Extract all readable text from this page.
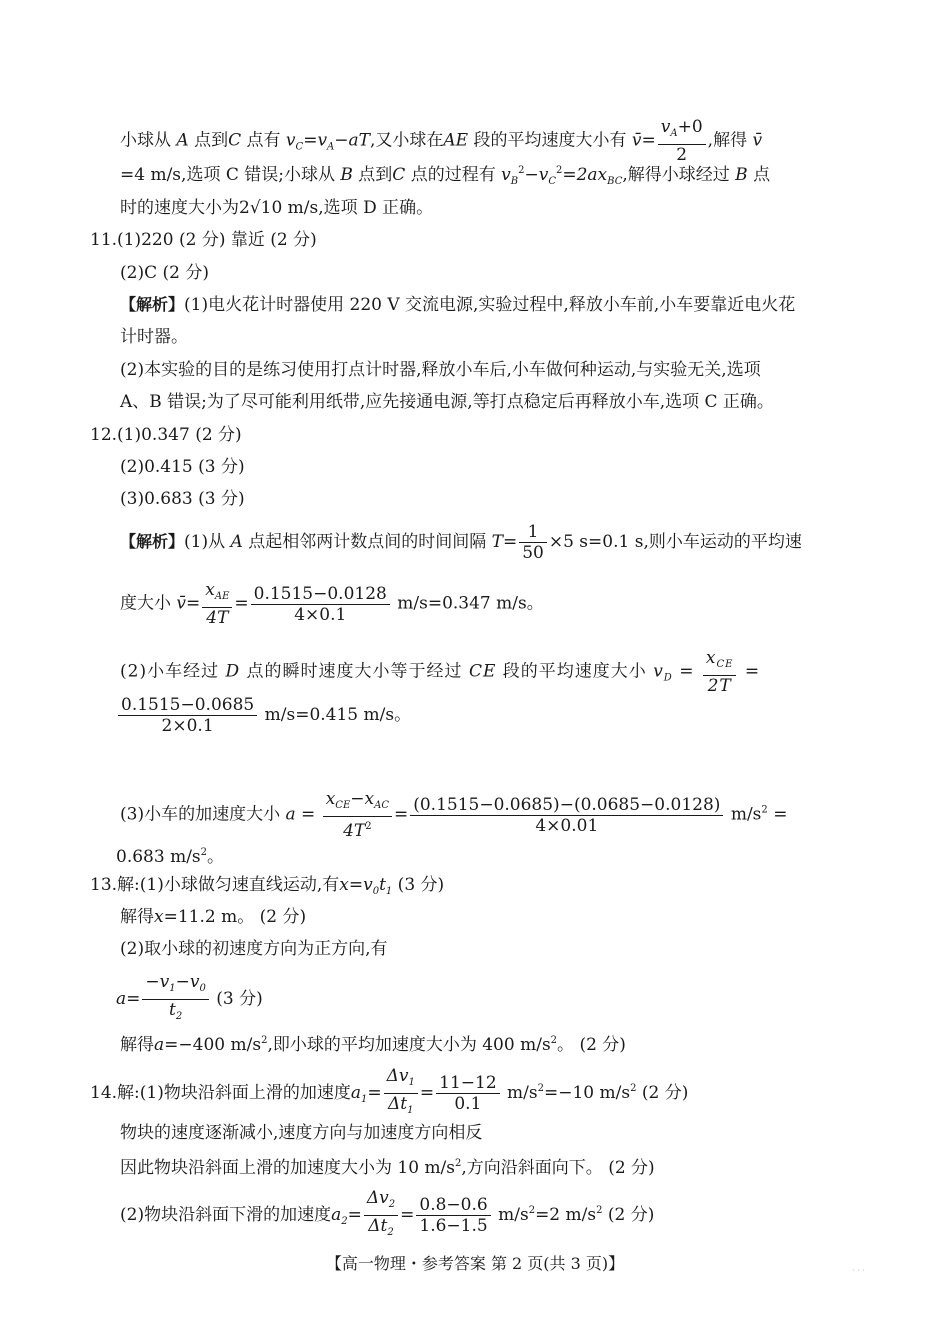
小球从 A 点到C 点有 $v_C=v_A-aT$,又小球在AE 段的平均速度大小有 v̄= $\frac{v_A+0}{2}$ ,解得 v̄
=4 m/s,选项 C 错误;小球从 B 点到C 点的过程有 $v_B^2-v_C^2=2ax_{BC}$,解得小球经过 B 点
时的速度大小为2√10 m/s,选项 D 正确。
11.(1)220 (2 分) 靠近 (2 分)
(2)C (2 分)
【解析】(1)电火花计时器使用 220 V 交流电源,实验过程中,释放小车前,小车要靠近电火花
计时器。
(2)本实验的目的是练习使用打点计时器,释放小车后,小车做何种运动,与实验无关,选项
A、B 错误;为了尽可能利用纸带,应先接通电源,等打点稳定后再释放小车,选项 C 正确。
12.(1)0.347 (2 分)
(2)0.415 (3 分)
(3)0.683 (3 分)
【解析】(1)从 A 点起相邻两计数点间的时间间隔 $T= \frac{1}{50} \times 5$ s=0.1 s,则小车运动的平均速
度大小 v̄= $\frac{x_{AE}}{4T} = \frac{0.1515-0.0128}{4\times 0.1} m/s=0.347$ m/s。
(2)小车经过 D 点的瞬时速度大小等于经过 CE 段的平均速度大小 $v_D = \frac{x_{CE}}{2T}$ =
$\frac{0.1515-0.0685}{2\times 0.1} m/s=0.415$ m/s。
(3)小车的加速度大小 $a = \frac{x_{CE}-x_{AC}}{4T^2} = \frac{(0.1515-0.0685)-(0.0685-0.0128)}{4\times 0.01} m/s^2$ =
0.683 $m/s^2$。
13.解:(1)小球做匀速直线运动,有$x=v_0t_1$ (3 分)
解得x=11.2 m。 (2 分)
(2)取小球的初速度方向为正方向,有
$a= \frac{-v_1-v_0}{t_2} (3$ 分)
解得a=−400 $m/s^2$,即小球的平均加速度大小为 400 $m/s^2$。 (2 分)
14.解:(1)物块沿斜面上滑的加速度$a_1= \frac{\Delta v_1}{\Delta t_1} = \frac{11-12}{0.1} m/s^2=-10$ $m/s^2$ (2 分)
物块的速度逐渐减小,速度方向与加速度方向相反
因此物块沿斜面上滑的加速度大小为 10 $m/s^2$,方向沿斜面向下。 (2 分)
(2)物块沿斜面下滑的加速度$a_2= \frac{\Delta v_2}{\Delta t_2} = \frac{0.8-0.6}{1.6-1.5} m/s^2=2$ $m/s^2$ (2 分)
【高一物理・参考答案 第 2 页(共 3 页)】	· · ·
